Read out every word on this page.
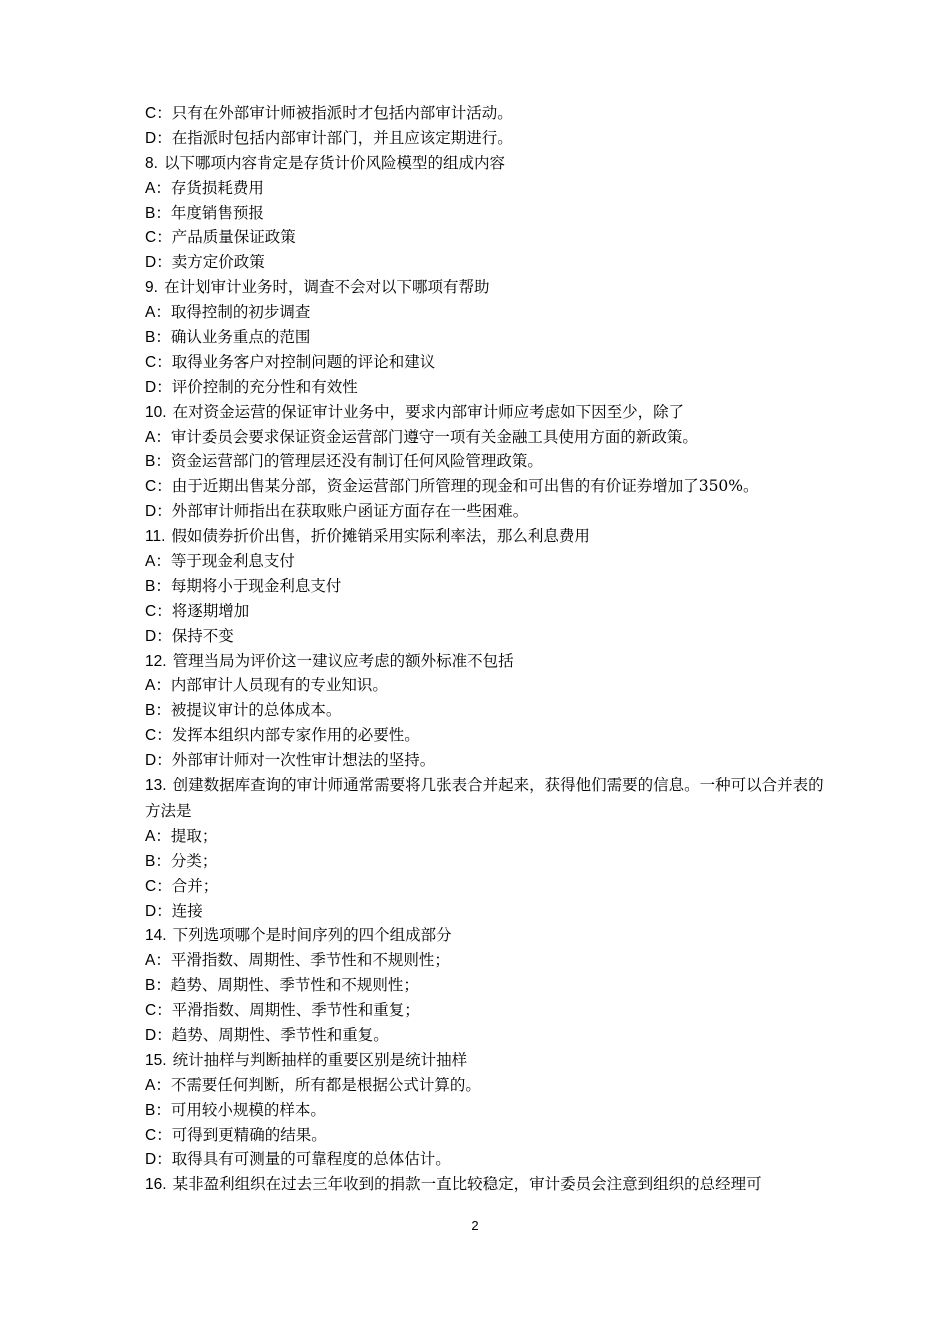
C：只有在外部审计师被指派时才包括内部审计活动。
D：在指派时包括内部审计部门，并且应该定期进行。
8. 以下哪项内容肯定是存货计价风险模型的组成内容
A：存货损耗费用
B：年度销售预报
C：产品质量保证政策
D：卖方定价政策
9. 在计划审计业务时，调查不会对以下哪项有帮助
A：取得控制的初步调查
B：确认业务重点的范围
C：取得业务客户对控制问题的评论和建议
D：评价控制的充分性和有效性
10. 在对资金运营的保证审计业务中，要求内部审计师应考虑如下因至少，除了
A：审计委员会要求保证资金运营部门遵守一项有关金融工具使用方面的新政策。
B：资金运营部门的管理层还没有制订任何风险管理政策。
C：由于近期出售某分部，资金运营部门所管理的现金和可出售的有价证券增加了350%。
D：外部审计师指出在获取账户函证方面存在一些困难。
11. 假如债券折价出售，折价摊销采用实际利率法，那么利息费用
A：等于现金利息支付
B：每期将小于现金利息支付
C：将逐期增加
D：保持不变
12. 管理当局为评价这一建议应考虑的额外标准不包括
A：内部审计人员现有的专业知识。
B：被提议审计的总体成本。
C：发挥本组织内部专家作用的必要性。
D：外部审计师对一次性审计想法的坚持。
13. 创建数据库查询的审计师通常需要将几张表合并起来，获得他们需要的信息。一种可以合并表的方法是
A：提取；
B：分类；
C：合并；
D：连接
14. 下列选项哪个是时间序列的四个组成部分
A：平滑指数、周期性、季节性和不规则性；
B：趋势、周期性、季节性和不规则性；
C：平滑指数、周期性、季节性和重复；
D：趋势、周期性、季节性和重复。
15. 统计抽样与判断抽样的重要区别是统计抽样
A：不需要任何判断，所有都是根据公式计算的。
B：可用较小规模的样本。
C：可得到更精确的结果。
D：取得具有可测量的可靠程度的总体估计。
16. 某非盈利组织在过去三年收到的捐款一直比较稳定，审计委员会注意到组织的总经理可
2
